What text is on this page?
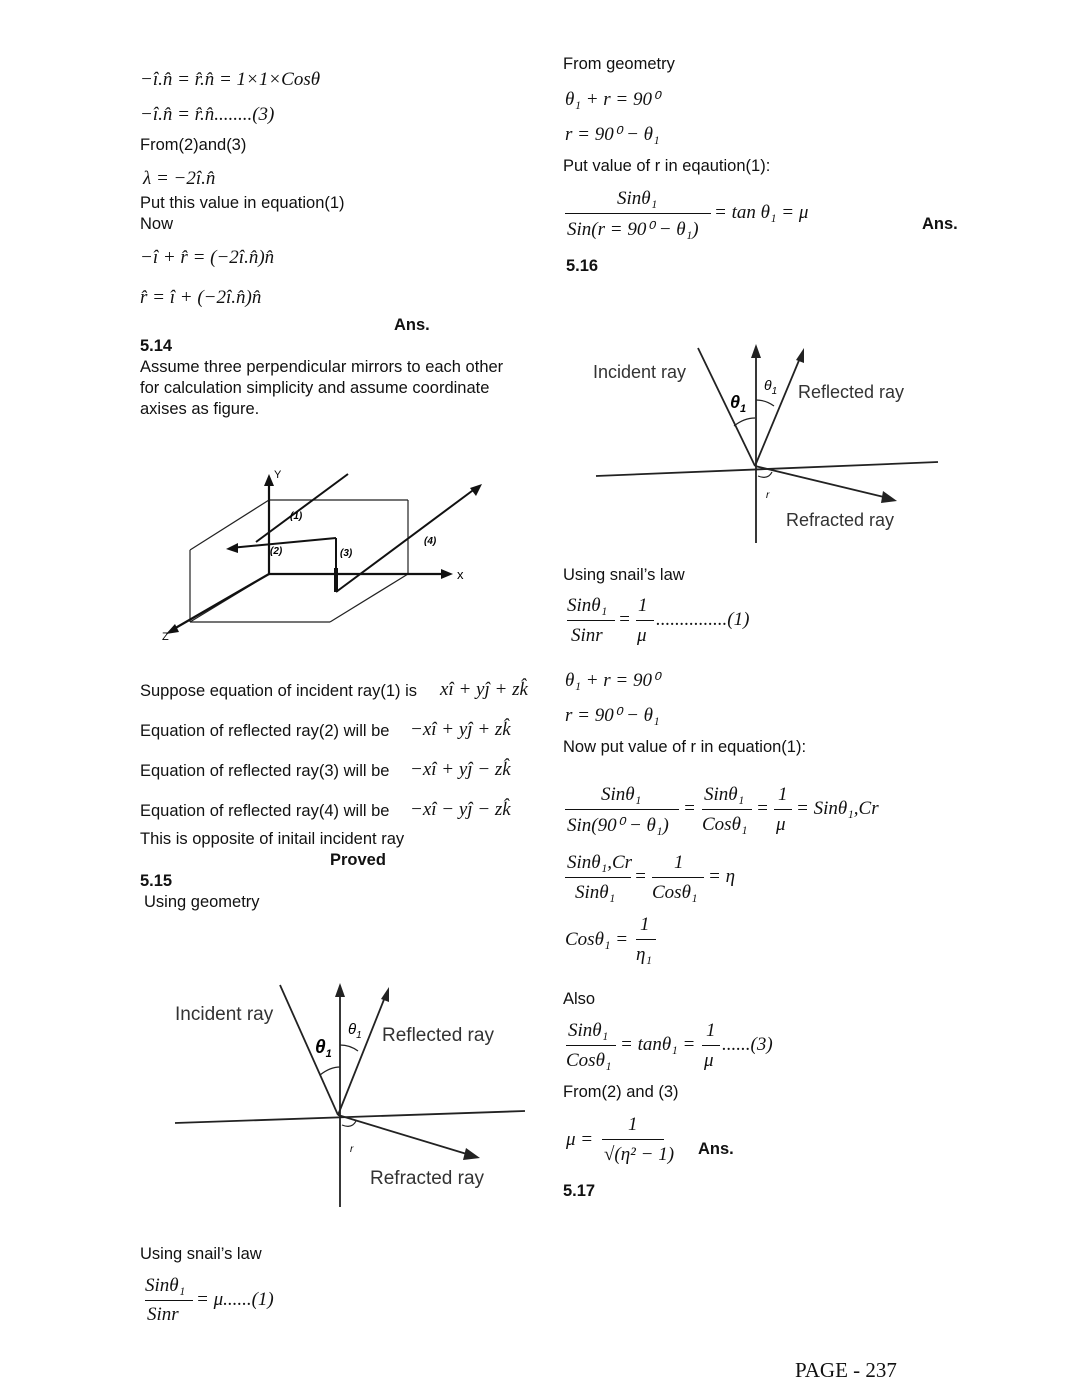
−î.n̂ = r̂.n̂ = 1×1×Cosθ
−î.n̂ = r̂.n̂........(3)
From(2)and(3)
λ = −2î.n̂
Put this value in equation(1)
Now
−î + r̂ = (−2î.n̂)n̂
r̂ = î + (−2î.n̂)n̂
Ans.
5.14
Assume three perpendicular mirrors to each other
for calculation simplicity and assume coordinate
axises as figure.
Y
x
Z
(1)
(2)	(3)
(4)
Suppose equation of incident ray(1) is xî + yĵ + zk̂
Equation of reflected ray(2) will be −xî + yĵ + zk̂
Equation of reflected ray(3) will be −xî + yĵ − zk̂
Equation of reflected ray(4) will be −xî − yĵ − zk̂
This is opposite of initail incident ray
Proved
5.15
Using geometry
Incident ray
Reflected ray
Refracted ray
$\theta_1$
$\theta_1$
r
Using snail’s law
Sinθ₁
Sinr
= μ......(1)
From geometry
θ₁ + r = 90⁰
r = 90⁰ − θ₁
Put value of r in eqaution(1):
Sinθ₁
Sin(r = 90⁰ − θ₁)
= tan θ₁ = μ
Ans.
5.16
Incident ray
Reflected ray
Refracted ray
$\theta_1$
$\theta_1$
r
Using snail’s law
Sinθ₁
Sinr
=
1
μ
...............(1)
θ₁ + r = 90⁰
r = 90⁰ − θ₁
Now put value of r in equation(1):
Sinθ₁
Sin(90⁰ − θ₁)
=
Sinθ₁
Cosθ₁
=
1
μ
= Sinθ₁,Cr
Sinθ₁,Cr
Sinθ₁
=
1
Cosθ₁
= η
Cosθ₁ =
1
η₁
Also
Sinθ₁
Cosθ₁
= tanθ₁ =
1
μ
......(3)
From(2) and (3)
μ =
1
√(η² − 1) Ans.
5.17
PAGE - 237
